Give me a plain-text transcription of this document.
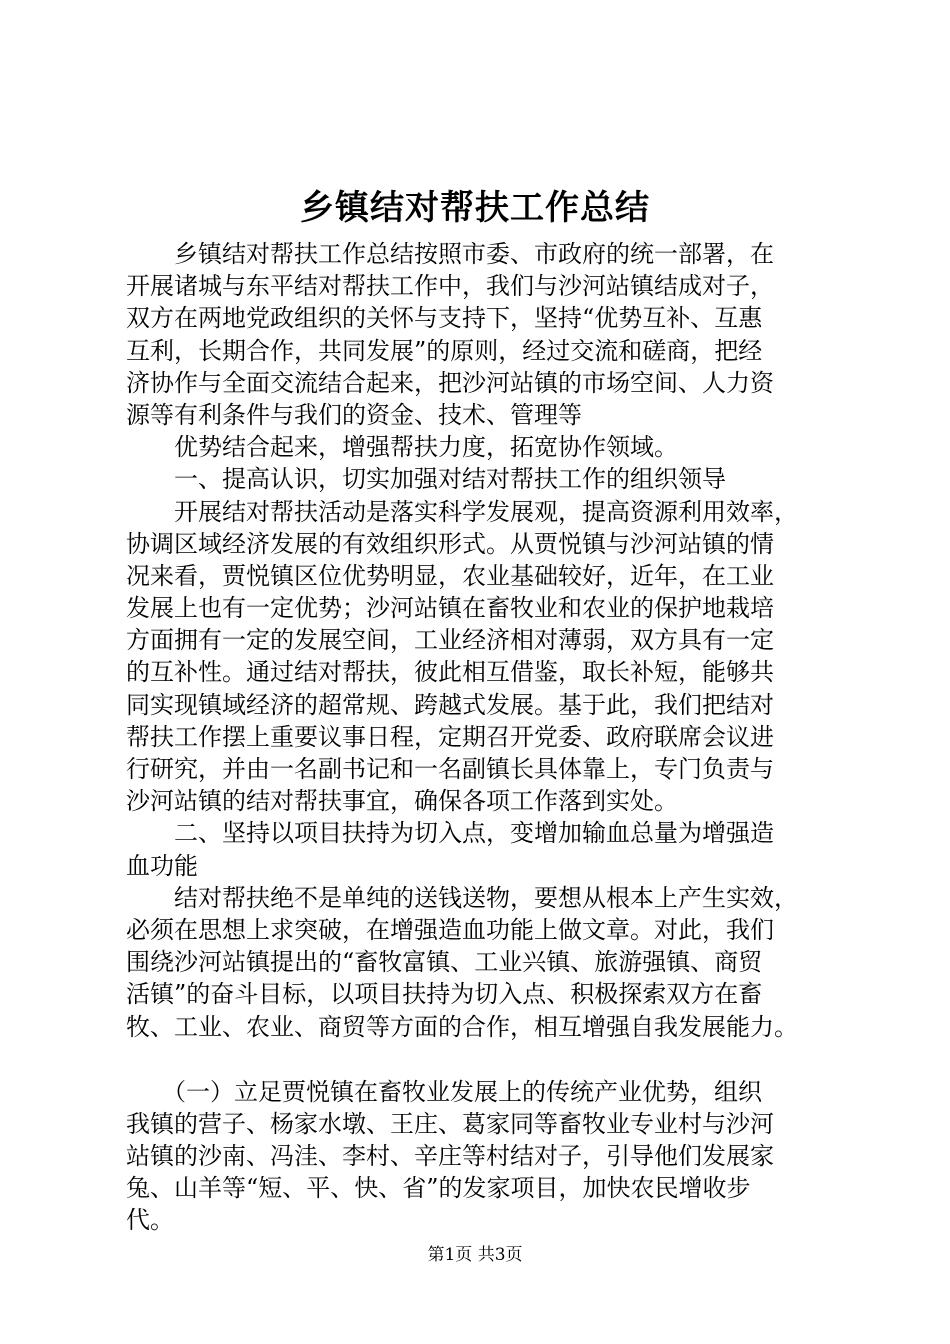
乡镇结对帮扶工作总结
　　乡镇结对帮扶工作总结按照市委、市政府的统一部署，在
开展诸城与东平结对帮扶工作中，我们与沙河站镇结成对子，
双方在两地党政组织的关怀与支持下，坚持“优势互补、互惠
互利，长期合作，共同发展”的原则，经过交流和磋商，把经
济协作与全面交流结合起来，把沙河站镇的市场空间、人力资
源等有利条件与我们的资金、技术、管理等
　　优势结合起来，增强帮扶力度，拓宽协作领域。
　　一、提高认识，切实加强对结对帮扶工作的组织领导
　　开展结对帮扶活动是落实科学发展观，提高资源利用效率，
协调区域经济发展的有效组织形式。从贾悦镇与沙河站镇的情
况来看，贾悦镇区位优势明显，农业基础较好，近年，在工业
发展上也有一定优势；沙河站镇在畜牧业和农业的保护地栽培
方面拥有一定的发展空间，工业经济相对薄弱，双方具有一定
的互补性。通过结对帮扶，彼此相互借鉴，取长补短，能够共
同实现镇域经济的超常规、跨越式发展。基于此，我们把结对
帮扶工作摆上重要议事日程，定期召开党委、政府联席会议进
行研究，并由一名副书记和一名副镇长具体靠上，专门负责与
沙河站镇的结对帮扶事宜，确保各项工作落到实处。
　　二、坚持以项目扶持为切入点，变增加输血总量为增强造
血功能
　　结对帮扶绝不是单纯的送钱送物，要想从根本上产生实效，
必须在思想上求突破，在增强造血功能上做文章。对此，我们
围绕沙河站镇提出的“畜牧富镇、工业兴镇、旅游强镇、商贸
活镇”的奋斗目标，以项目扶持为切入点、积极探索双方在畜
牧、工业、农业、商贸等方面的合作，相互增强自我发展能力。
　　（一）立足贾悦镇在畜牧业发展上的传统产业优势，组织
我镇的营子、杨家水墩、王庄、葛家同等畜牧业专业村与沙河
站镇的沙南、冯洼、李村、辛庄等村结对子，引导他们发展家
兔、山羊等“短、平、快、省”的发家项目，加快农民增收步
代。
第1页 共3页
